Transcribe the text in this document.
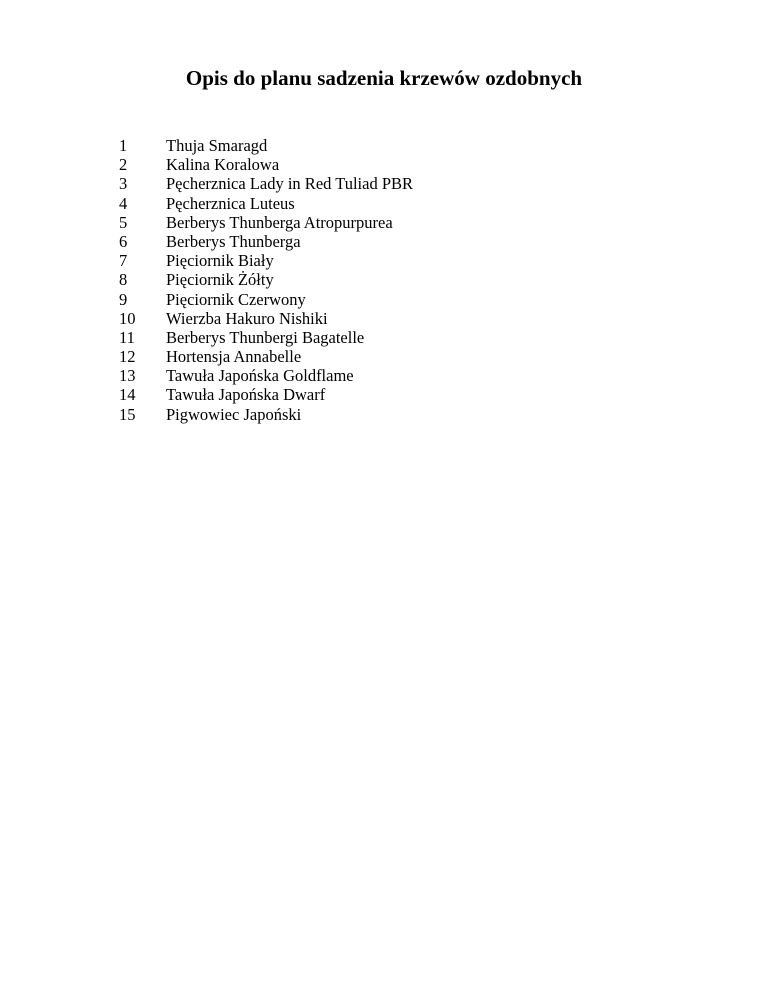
Opis do planu sadzenia krzewów ozdobnych
1	Thuja Smaragd
2	Kalina Koralowa
3	Pęcherznica Lady in Red Tuliad PBR
4	Pęcherznica Luteus
5	Berberys Thunberga Atropurpurea
6	Berberys Thunberga
7	Pięciornik Biały
8	Pięciornik Żółty
9	Pięciornik Czerwony
10	Wierzba Hakuro Nishiki
11	Berberys Thunbergi Bagatelle
12	Hortensja Annabelle
13	Tawuła Japońska Goldflame
14	Tawuła Japońska Dwarf
15	Pigwowiec Japoński
